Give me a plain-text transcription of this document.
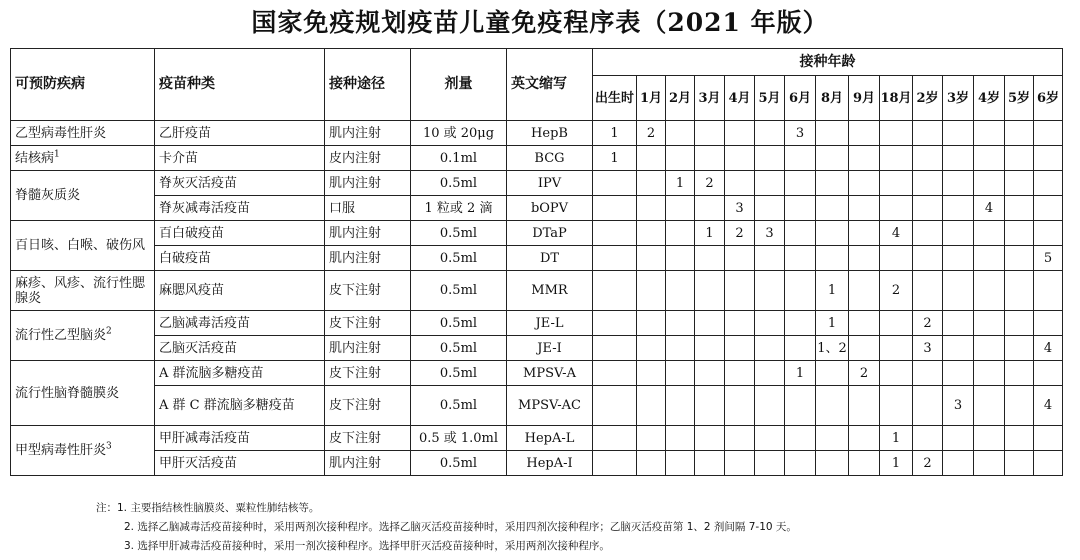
国家免疫规划疫苗儿童免疫程序表（2021 年版）
可预防疾病	疫苗种类	接种途径	剂量	英文缩写	接种年龄														
					出生时	1月	2月	3月	4月	5月	6月	8月	9月	18月	2岁	3岁	4岁	5岁	6岁
乙型病毒性肝炎	乙肝疫苗	肌内注射	10 或 20μg	HepB	1	2					3								
结核病$^1$	卡介苗	皮内注射	0.1ml	BCG	1														
脊髓灰质炎	脊灰灭活疫苗	肌内注射	0.5ml	IPV			1	2											
	脊灰减毒活疫苗	口服	1 粒或 2 滴	bOPV					3								4		
百日咳、白喉、破伤风	百白破疫苗	肌内注射	0.5ml	DTaP				1	2	3				4					
	白破疫苗	肌内注射	0.5ml	DT															5
麻疹、风疹、流行性腮腺炎	麻腮风疫苗	皮下注射	0.5ml	MMR								1		2					
流行性乙型脑炎$^2$	乙脑减毒活疫苗	皮下注射	0.5ml	JE-L								1			2				
	乙脑灭活疫苗	肌内注射	0.5ml	JE-I								1、2			3				4
流行性脑脊髓膜炎	A 群流脑多糖疫苗	皮下注射	0.5ml	MPSV-A							1		2						
	A 群 C 群流脑多糖疫苗	皮下注射	0.5ml	MPSV-AC												3			4
甲型病毒性肝炎$^3$	甲肝减毒活疫苗	皮下注射	0.5 或 1.0ml	HepA-L										1					
	甲肝灭活疫苗	肌内注射	0.5ml	HepA-I										1	2				
注：1. 主要指结核性脑膜炎、粟粒性肺结核等。
2. 选择乙脑减毒活疫苗接种时，采用两剂次接种程序。选择乙脑灭活疫苗接种时，采用四剂次接种程序；乙脑灭活疫苗第 1、2 剂间隔 7-10 天。
3. 选择甲肝减毒活疫苗接种时，采用一剂次接种程序。选择甲肝灭活疫苗接种时，采用两剂次接种程序。
